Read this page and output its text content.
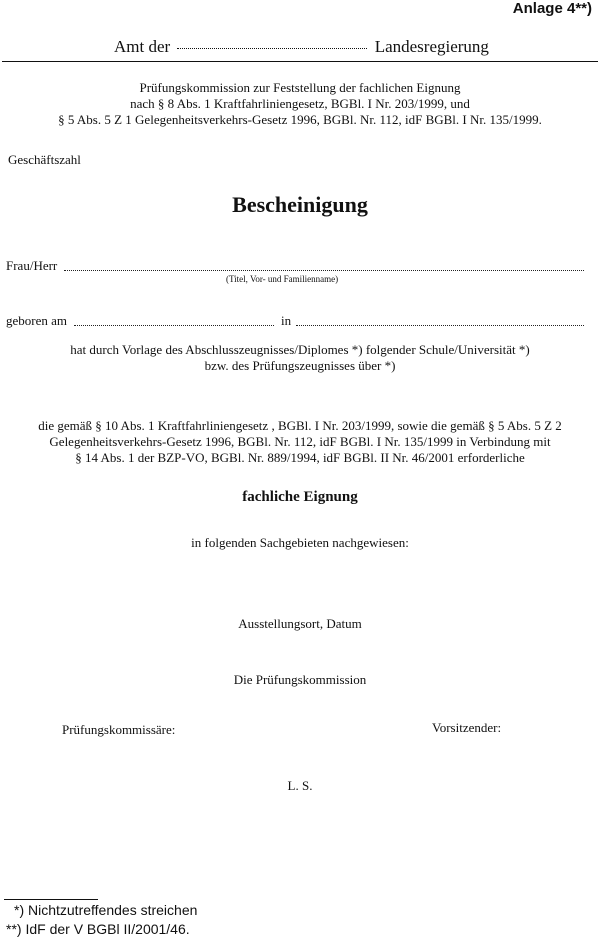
Anlage 4**)
Amt der	Landesregierung
Prüfungskommission zur Feststellung der fachlichen Eignung
nach § 8 Abs. 1 Kraftfahrliniengesetz, BGBl. I Nr. 203/1999, und
§ 5 Abs. 5 Z 1 Gelegenheitsverkehrs-Gesetz 1996, BGBl. Nr. 112, idF BGBl. I Nr. 135/1999.
Geschäftszahl
Bescheinigung
Frau/Herr
(Titel, Vor- und Familienname)
geboren am	in
hat durch Vorlage des Abschlusszeugnisses/Diplomes *) folgender Schule/Universität *)
bzw. des Prüfungszeugnisses über *)
die gemäß § 10 Abs. 1 Kraftfahrliniengesetz , BGBl. I Nr. 203/1999, sowie die gemäß § 5 Abs. 5 Z 2
Gelegenheitsverkehrs-Gesetz 1996, BGBl. Nr. 112, idF BGBl. I Nr. 135/1999 in Verbindung mit
§ 14 Abs. 1 der BZP-VO, BGBl. Nr. 889/1994, idF BGBl. II Nr. 46/2001 erforderliche
fachliche Eignung
in folgenden Sachgebieten nachgewiesen:
Ausstellungsort, Datum
Die Prüfungskommission
Prüfungskommissäre:	Vorsitzender:
L. S.
*) Nichtzutreffendes streichen
**) IdF der V BGBl II/2001/46.
